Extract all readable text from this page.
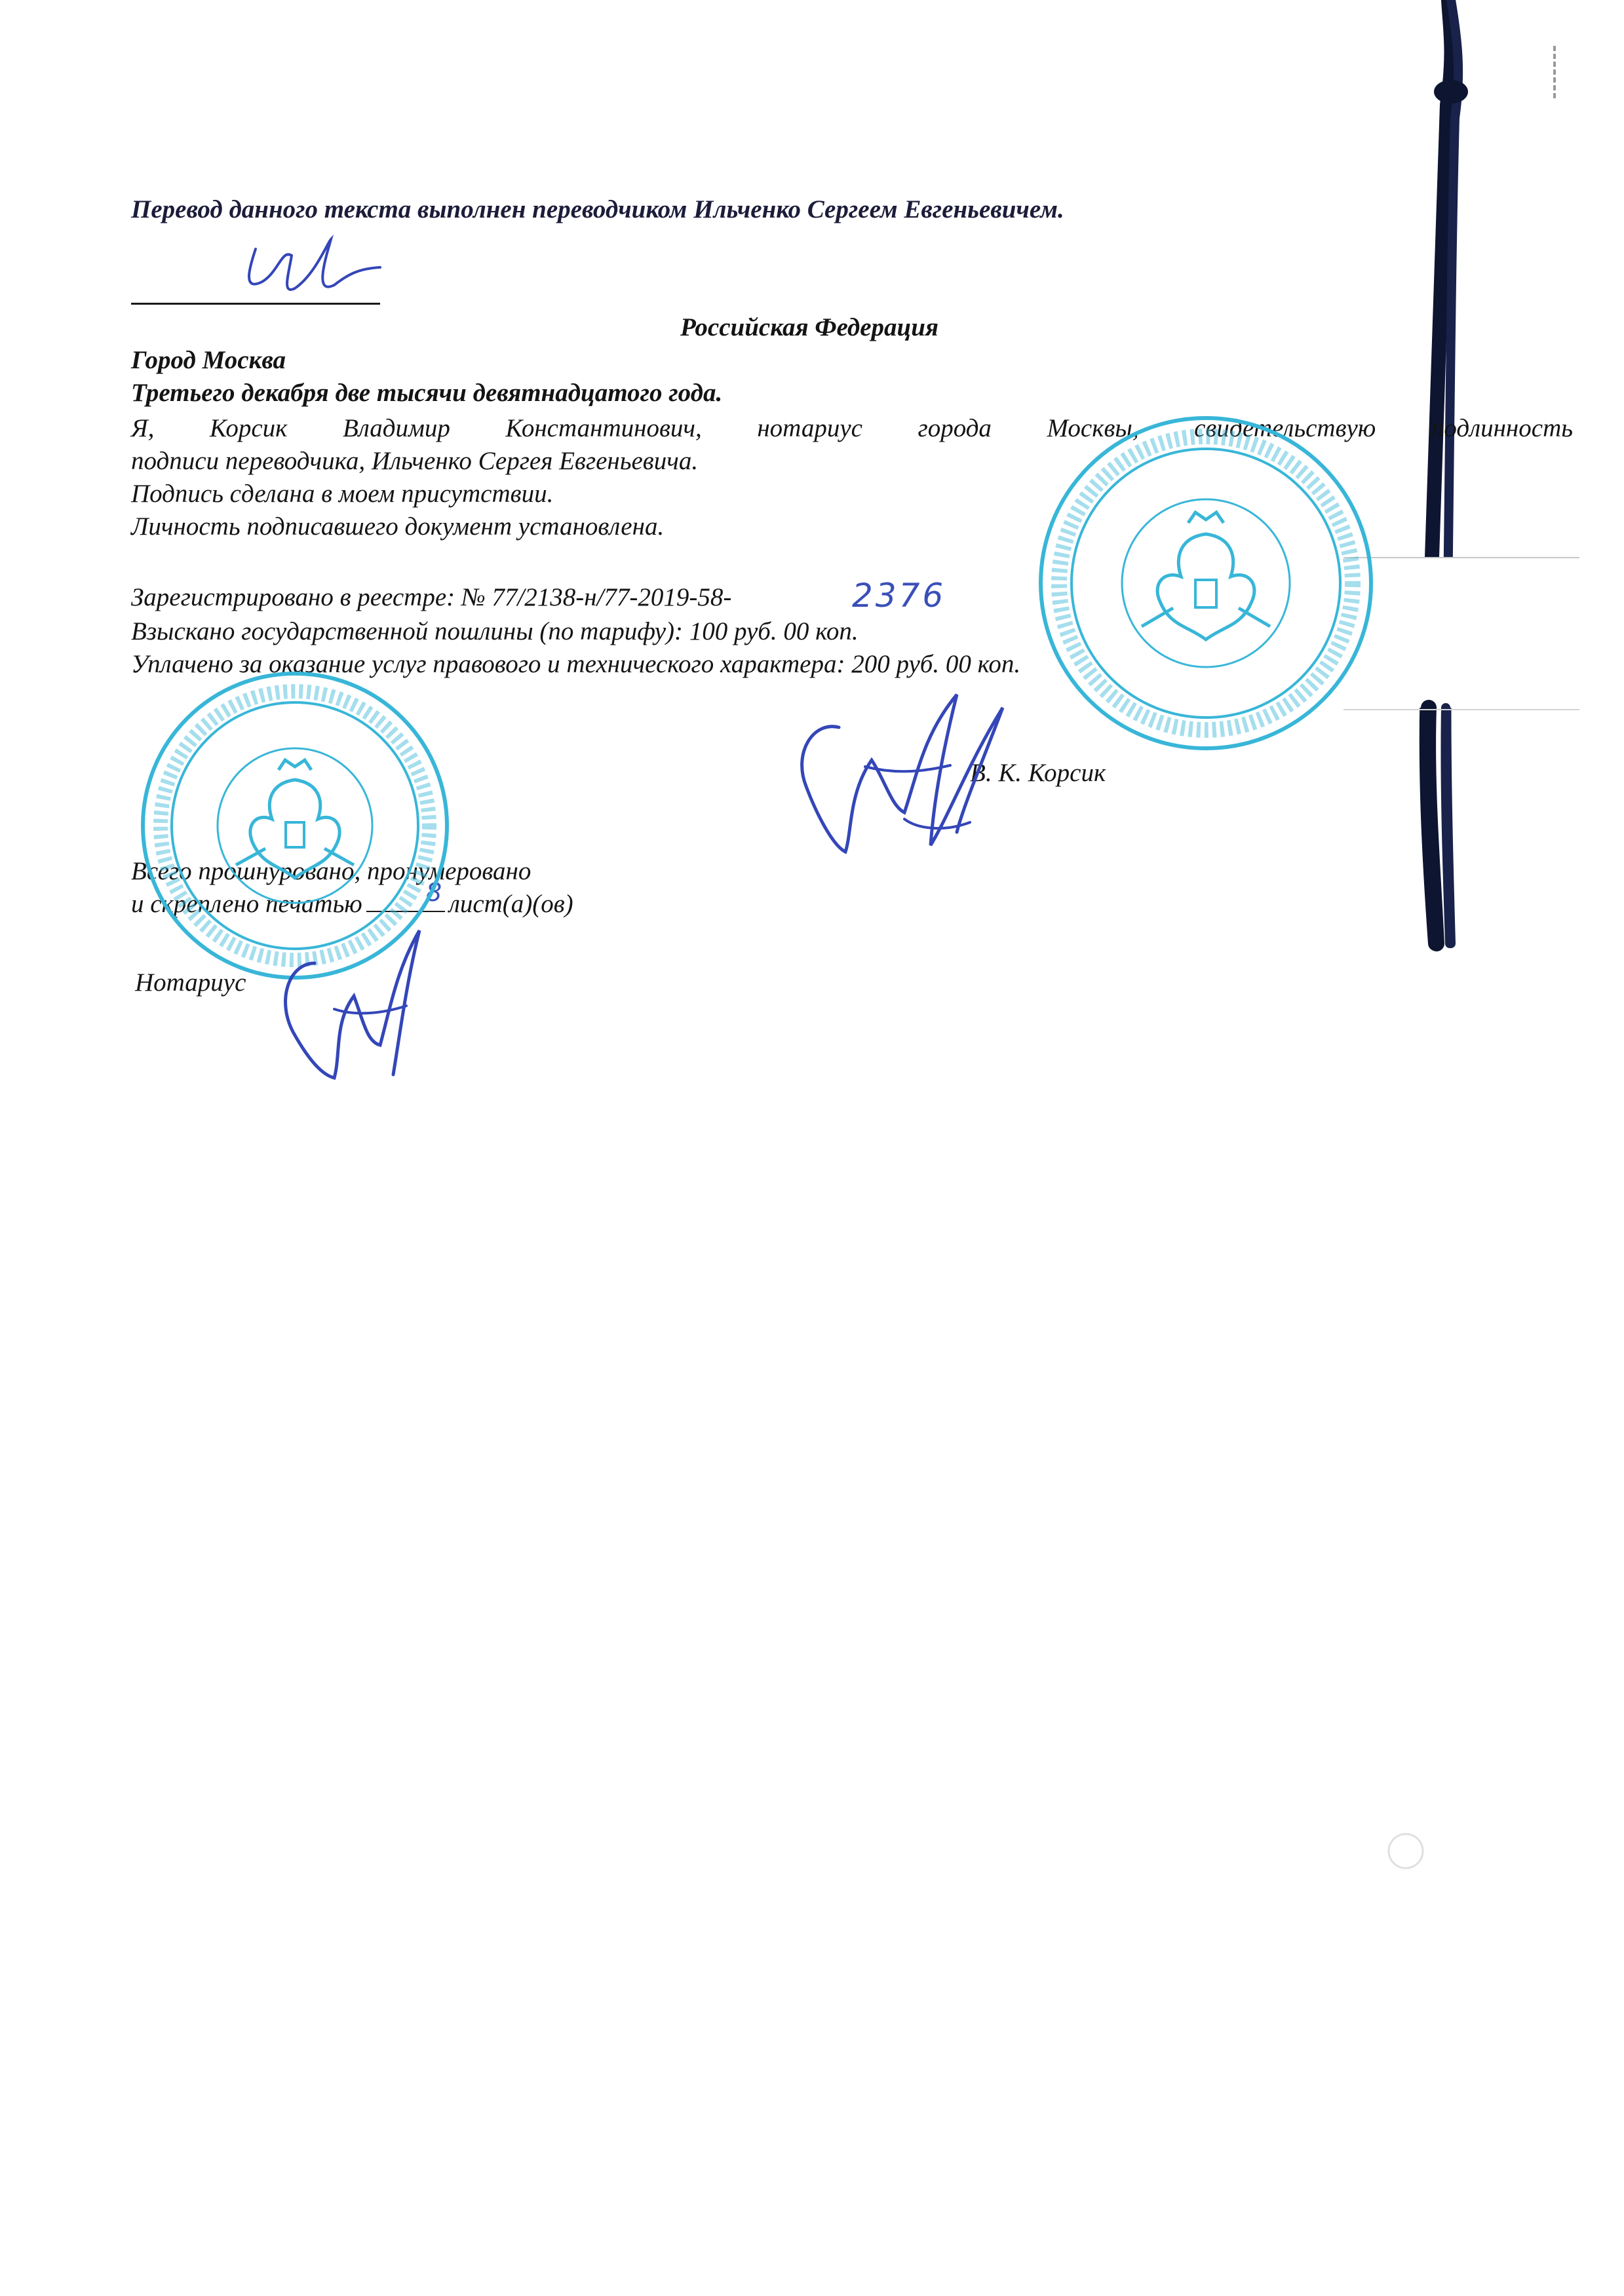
Перевод данного текста выполнен переводчиком Ильченко Сергеем Евгеньевичем.
Российская Федерация
Город Москва
Третьего декабря две тысячи девятнадцатого года.
Я, Корсик Владимир Константинович, нотариус города Москвы, свидетельствую подлинность
подписи переводчика, Ильченко Сергея Евгеньевича.
Подпись сделана в моем присутствии.
Личность подписавшего документ установлена.
Зарегистрировано в реестре: № 77/2138-н/77-2019-58-	2376
Взыскано государственной пошлины (по тарифу): 100 руб. 00 коп.
Уплачено за оказание услуг правового и технического характера: 200 руб. 00 коп.
В. К. Корсик
Всего прошнуровано, пронумеровано
и скреплено печатью	лист(а)(ов)
8
Нотариус
